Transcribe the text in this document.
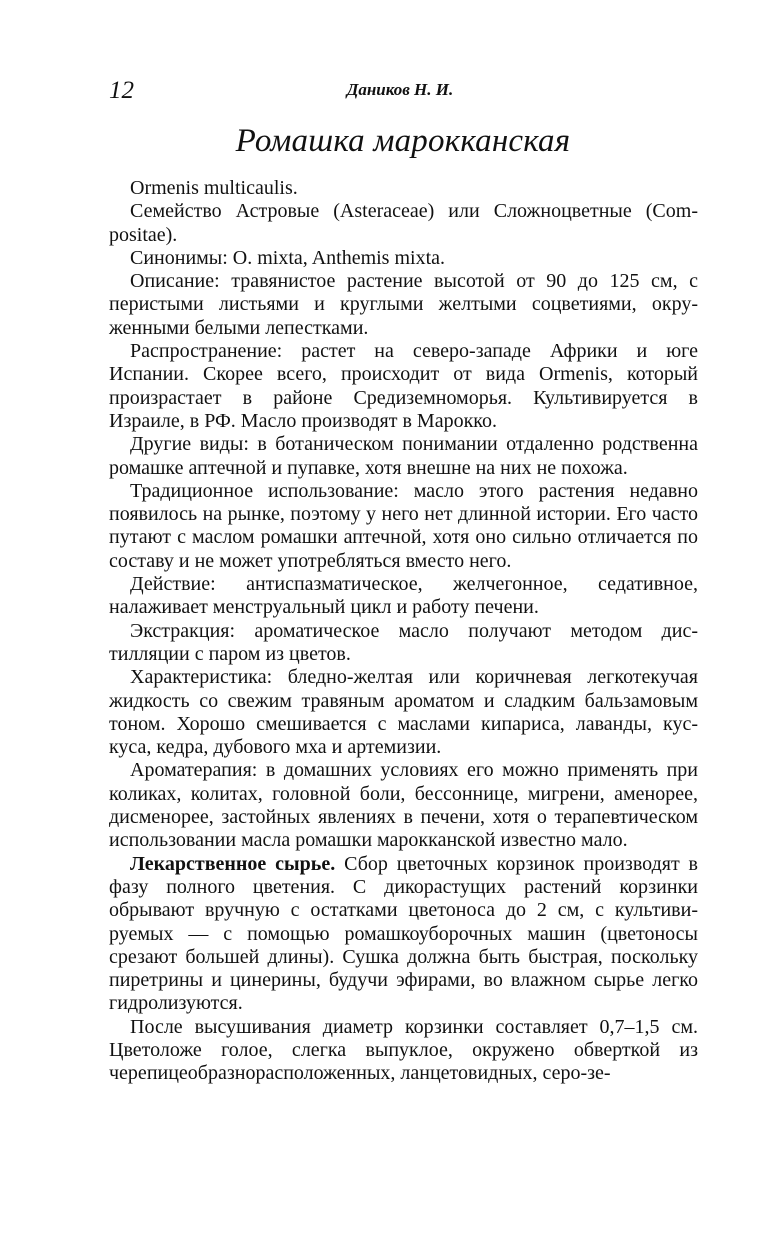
12	Даников Н. И.
Ромашка марокканская

Ormenis multicaulis.

Семейство Астровые (Asteraceae) или Сложноцветные (Compositae).

Синонимы: O. mixta, Anthemis mixta.

Описание: травянистое растение высотой от 90 до 125 см, с перистыми листьями и круглыми желтыми соцветиями, окруженными белыми лепестками.

Распространение: растет на северо-западе Африки и юге Испании. Скорее всего, происходит от вида Ormenis, который произрастает в районе Средиземноморья. Культивируется в Израиле, в РФ. Масло производят в Марокко.

Другие виды: в ботаническом понимании отдаленно родственна ромашке аптечной и пупавке, хотя внешне на них не похожа.

Традиционное использование: масло этого растения недавно появилось на рынке, поэтому у него нет длинной истории. Его часто путают с маслом ромашки аптечной, хотя оно сильно отличается по составу и не может употребляться вместо него.

Действие: антиспазматическое, желчегонное, седативное, налаживает менструальный цикл и работу печени.

Экстракция: ароматическое масло получают методом дистилляции с паром из цветов.

Характеристика: бледно-желтая или коричневая легкотекучая жидкость со свежим травяным ароматом и сладким бальзамовым тоном. Хорошо смешивается с маслами кипариса, лаванды, кус-куса, кедра, дубового мха и артемизии.

Ароматерапия: в домашних условиях его можно применять при коликах, колитах, головной боли, бессоннице, мигрени, аменорее, дисменорее, застойных явлениях в печени, хотя о терапевтическом использовании масла ромашки марокканской известно мало.

Лекарственное сырье. Сбор цветочных корзинок производят в фазу полного цветения. С дикорастущих растений корзинки обрывают вручную с остатками цветоноса до 2 см, с культивируемых — с помощью ромашкоуборочных машин (цветоносы срезают большей длины). Сушка должна быть быстрая, поскольку пиретрины и цинерины, будучи эфирами, во влажном сырье легко гидролизуются.

После высушивания диаметр корзинки составляет 0,7–1,5 см. Цветоложе голое, слегка выпуклое, окружено обверткой из черепицеобразнорасположенных, ланцетовидных, серо-зе-
